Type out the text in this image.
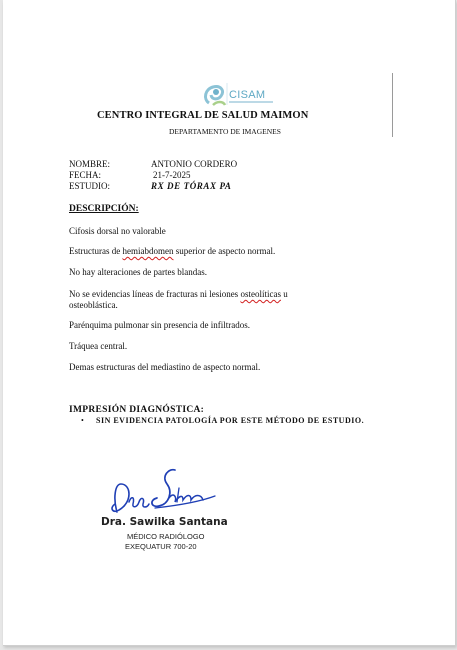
CISAM
CENTRO INTEGRAL DE SALUD MAIMON
DEPARTAMENTO DE IMAGENES
NOMBRE:	ANTONIO CORDERO
FECHA:	21-7-2025
ESTUDIO:	RX DE TÓRAX PA
DESCRIPCIÓN:
Cifosis dorsal no valorable
Estructuras de hemiabdomen superior de aspecto normal.
No hay alteraciones de partes blandas.
No se evidencias líneas de fracturas ni lesiones osteolíticas u
osteoblástica.
Parénquima pulmonar sin presencia de infiltrados.
Tráquea central.
Demas estructuras del mediastino de aspecto normal.
IMPRESIÓN DIAGNÓSTICA:
• SIN EVIDENCIA PATOLOGÍA POR ESTE MÉTODO DE ESTUDIO.
Dra. Sawilka Santana
MÉDICO RADIÓLOGO
EXEQUATUR 700-20
